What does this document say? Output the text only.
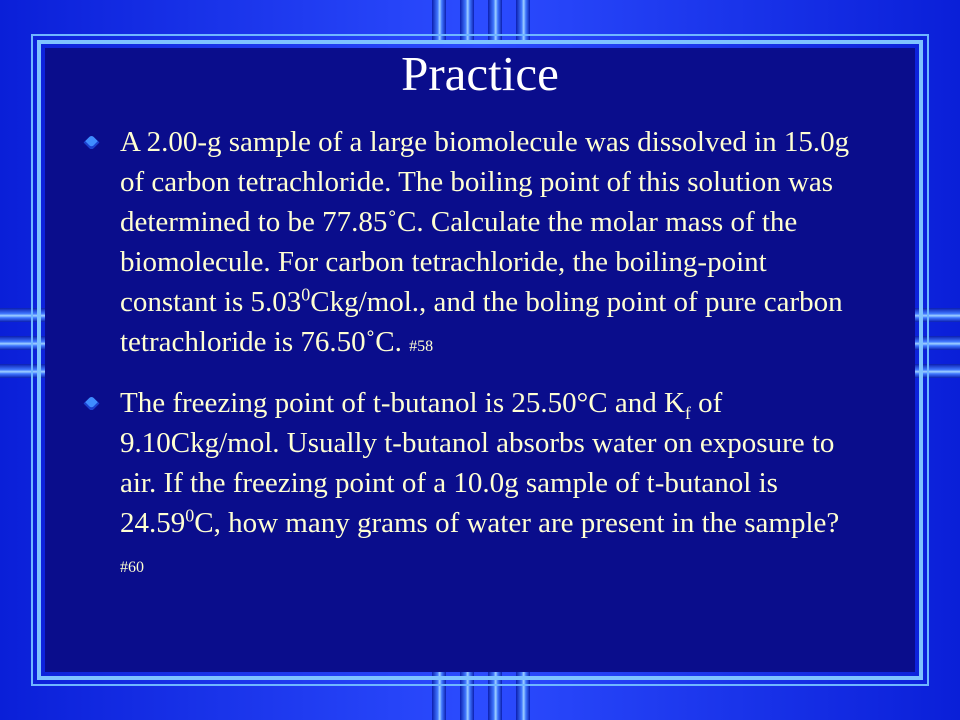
Practice
A 2.00-g sample of a large biomolecule was dissolved in 15.0g of carbon tetrachloride. The boiling point of this solution was determined to be 77.85˚C. Calculate the molar mass of the biomolecule. For carbon tetrachloride, the boiling-point constant is 5.03$^0$Ckg/mol., and the boling point of pure carbon tetrachloride is 76.50˚C. #58
The freezing point of t-butanol is 25.50°C and $K_f$ of 9.10Ckg/mol. Usually t-butanol absorbs water on exposure to air. If the freezing point of a 10.0g sample of t-butanol is 24.59$^0$C, how many grams of water are present in the sample? #60
